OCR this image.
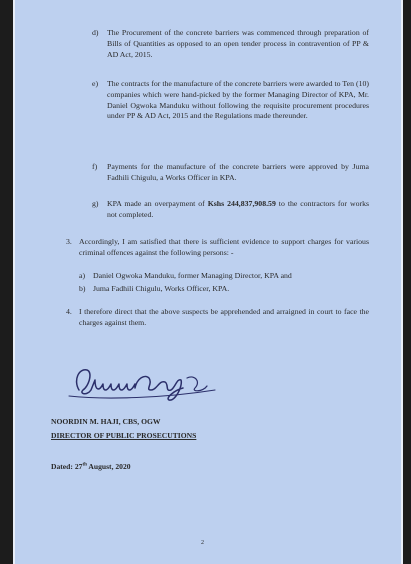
d) The Procurement of the concrete barriers was commenced through preparation of Bills of Quantities as opposed to an open tender process in contravention of PP & AD Act, 2015.

e) The contracts for the manufacture of the concrete barriers were awarded to Ten (10) companies which were hand-picked by the former Managing Director of KPA, Mr. Daniel Ogwoka Manduku without following the requisite procurement procedures under PP & AD Act, 2015 and the Regulations made thereunder.

f) Payments for the manufacture of the concrete barriers were approved by Juma Fadhili Chigulu, a Works Officer in KPA.

g) KPA made an overpayment of Kshs 244,837,908.59 to the contractors for works not completed.

3. Accordingly, I am satisfied that there is sufficient evidence to support charges for various criminal offences against the following persons: -

a) Daniel Ogwoka Manduku, former Managing Director, KPA and
b) Juma Fadhili Chigulu, Works Officer, KPA.
4. I therefore direct that the above suspects be apprehended and arraigned in court to face the charges against them.

NOORDIN M. HAJI, CBS, OGW
DIRECTOR OF PUBLIC PROSECUTIONS
Dated: 27th August, 2020
2
